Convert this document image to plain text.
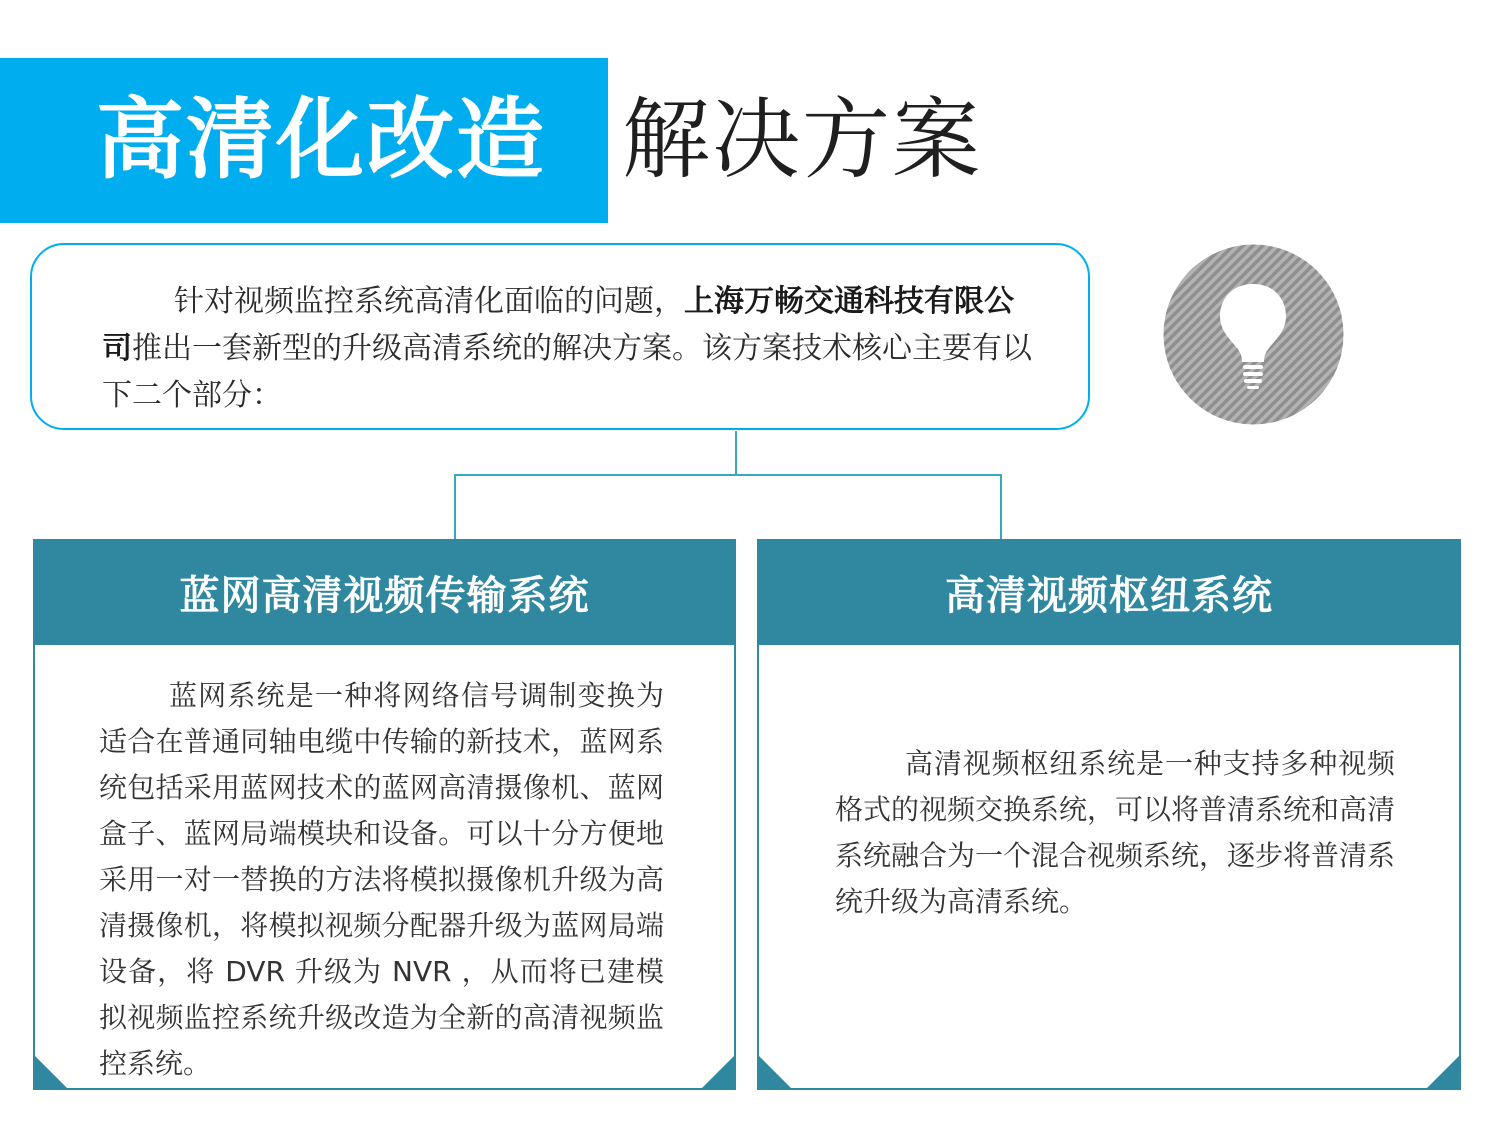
高清化改造 解决方案
针对视频监控系统高清化面临的问题，上海万畅交通科技有限公司推出一套新型的升级高清系统的解决方案。该方案技术核心主要有以下二个部分：
蓝网高清视频传输系统
蓝网系统是一种将网络信号调制变换为适合在普通同轴电缆中传输的新技术，蓝网系统包括采用蓝网技术的蓝网高清摄像机、蓝网盒子、蓝网局端模块和设备。可以十分方便地采用一对一替换的方法将模拟摄像机升级为高清摄像机，将模拟视频分配器升级为蓝网局端设备，将 DVR 升级为 NVR ，从而将已建模拟视频监控系统升级改造为全新的高清视频监控系统。
高清视频枢纽系统
高清视频枢纽系统是一种支持多种视频格式的视频交换系统，可以将普清系统和高清系统融合为一个混合视频系统，逐步将普清系统升级为高清系统。
